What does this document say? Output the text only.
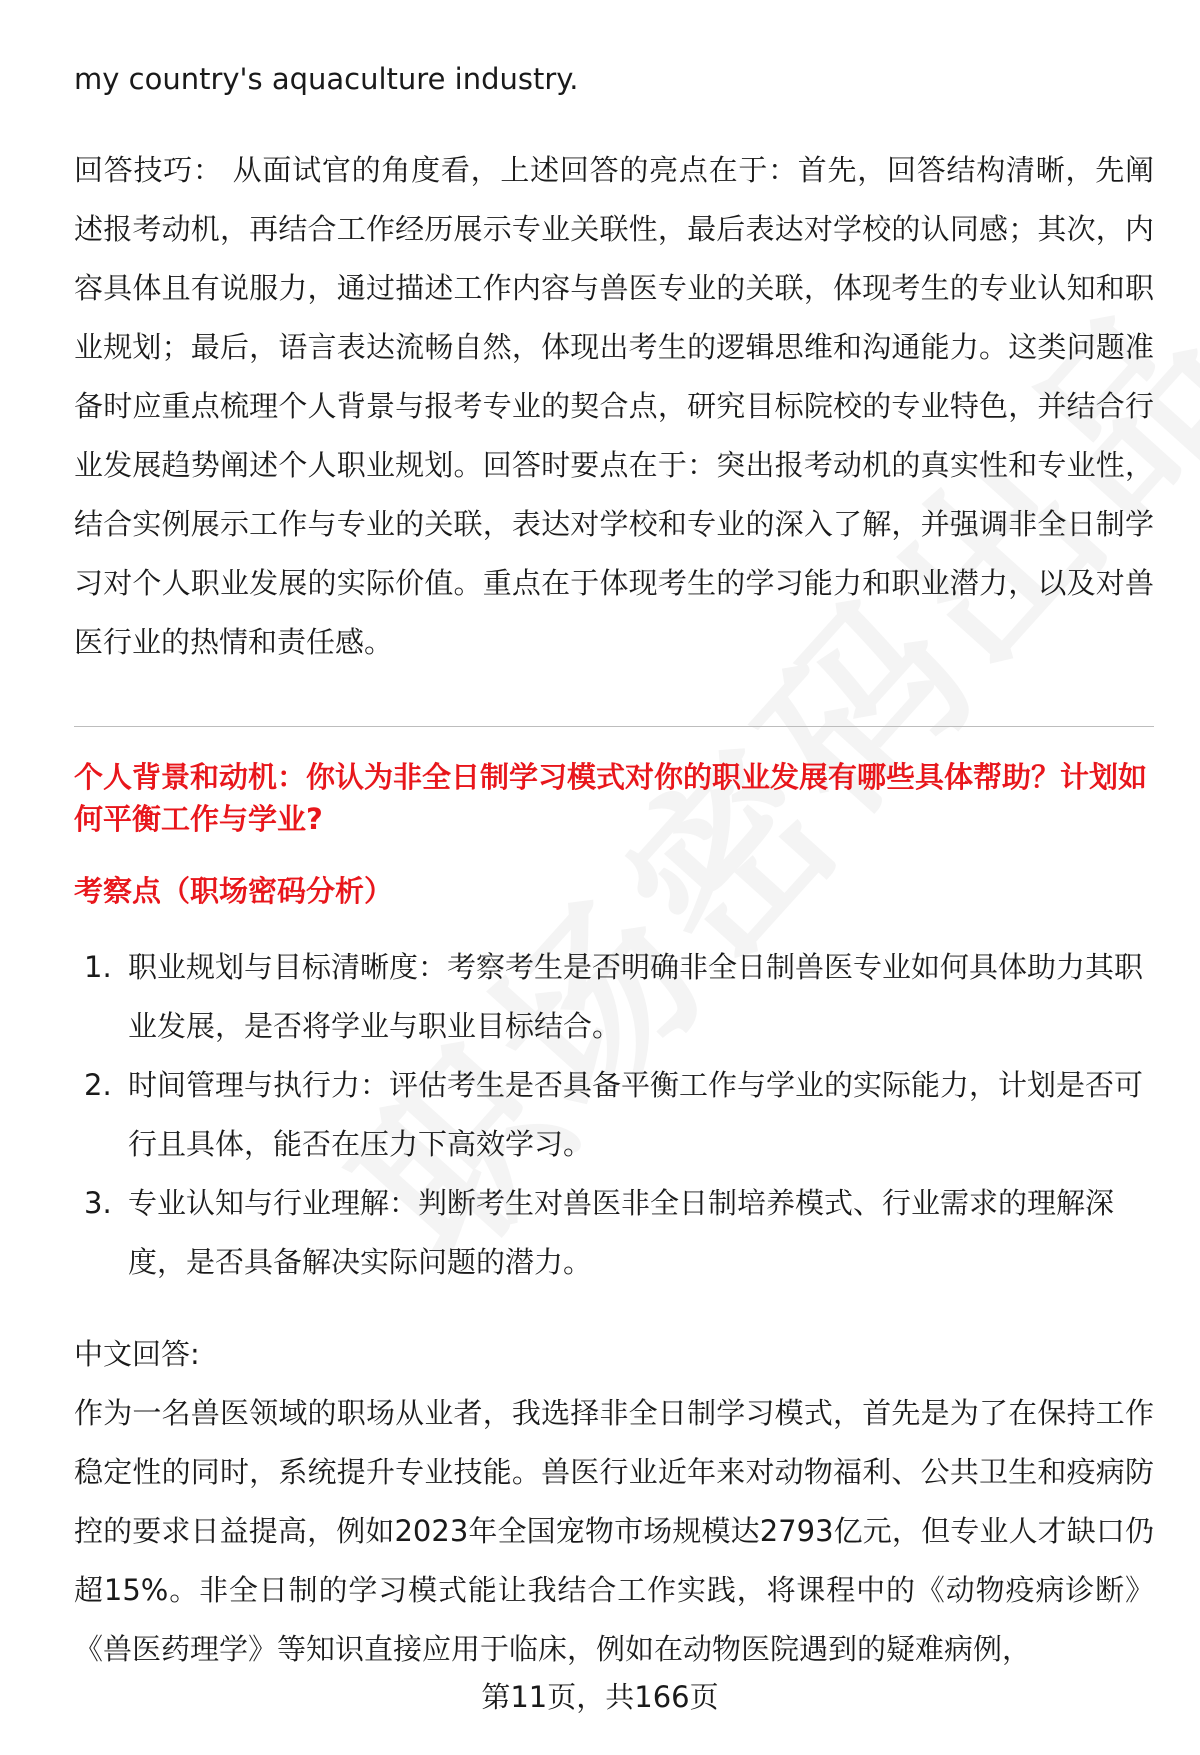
my country's aquaculture industry.

回答技巧： 从面试官的角度看，上述回答的亮点在于：首先，回答结构清晰，先阐述报考动机，再结合工作经历展示专业关联性，最后表达对学校的认同感；其次，内容具体且有说服力，通过描述工作内容与兽医专业的关联，体现考生的专业认知和职业规划；最后，语言表达流畅自然，体现出考生的逻辑思维和沟通能力。这类问题准备时应重点梳理个人背景与报考专业的契合点，研究目标院校的专业特色，并结合行业发展趋势阐述个人职业规划。回答时要点在于：突出报考动机的真实性和专业性，结合实例展示工作与专业的关联，表达对学校和专业的深入了解，并强调非全日制学习对个人职业发展的实际价值。重点在于体现考生的学习能力和职业潜力，以及对兽医行业的热情和责任感。

个人背景和动机：你认为非全日制学习模式对你的职业发展有哪些具体帮助？计划如何平衡工作与学业?

考察点（职场密码分析）

1. 职业规划与目标清晰度：考察考生是否明确非全日制兽医专业如何具体助力其职业发展，是否将学业与职业目标结合。
2. 时间管理与执行力：评估考生是否具备平衡工作与学业的实际能力，计划是否可行且具体，能否在压力下高效学习。
3. 专业认知与行业理解：判断考生对兽医非全日制培养模式、行业需求的理解深度，是否具备解决实际问题的潜力。

中文回答:

作为一名兽医领域的职场从业者，我选择非全日制学习模式，首先是为了在保持工作稳定性的同时，系统提升专业技能。兽医行业近年来对动物福利、公共卫生和疫病防控的要求日益提高，例如2023年全国宠物市场规模达2793亿元，但专业人才缺口仍超15%。非全日制的学习模式能让我结合工作实践，将课程中的《动物疫病诊断》《兽医药理学》等知识直接应用于临床，例如在动物医院遇到的疑难病例，

第11页，共166页
